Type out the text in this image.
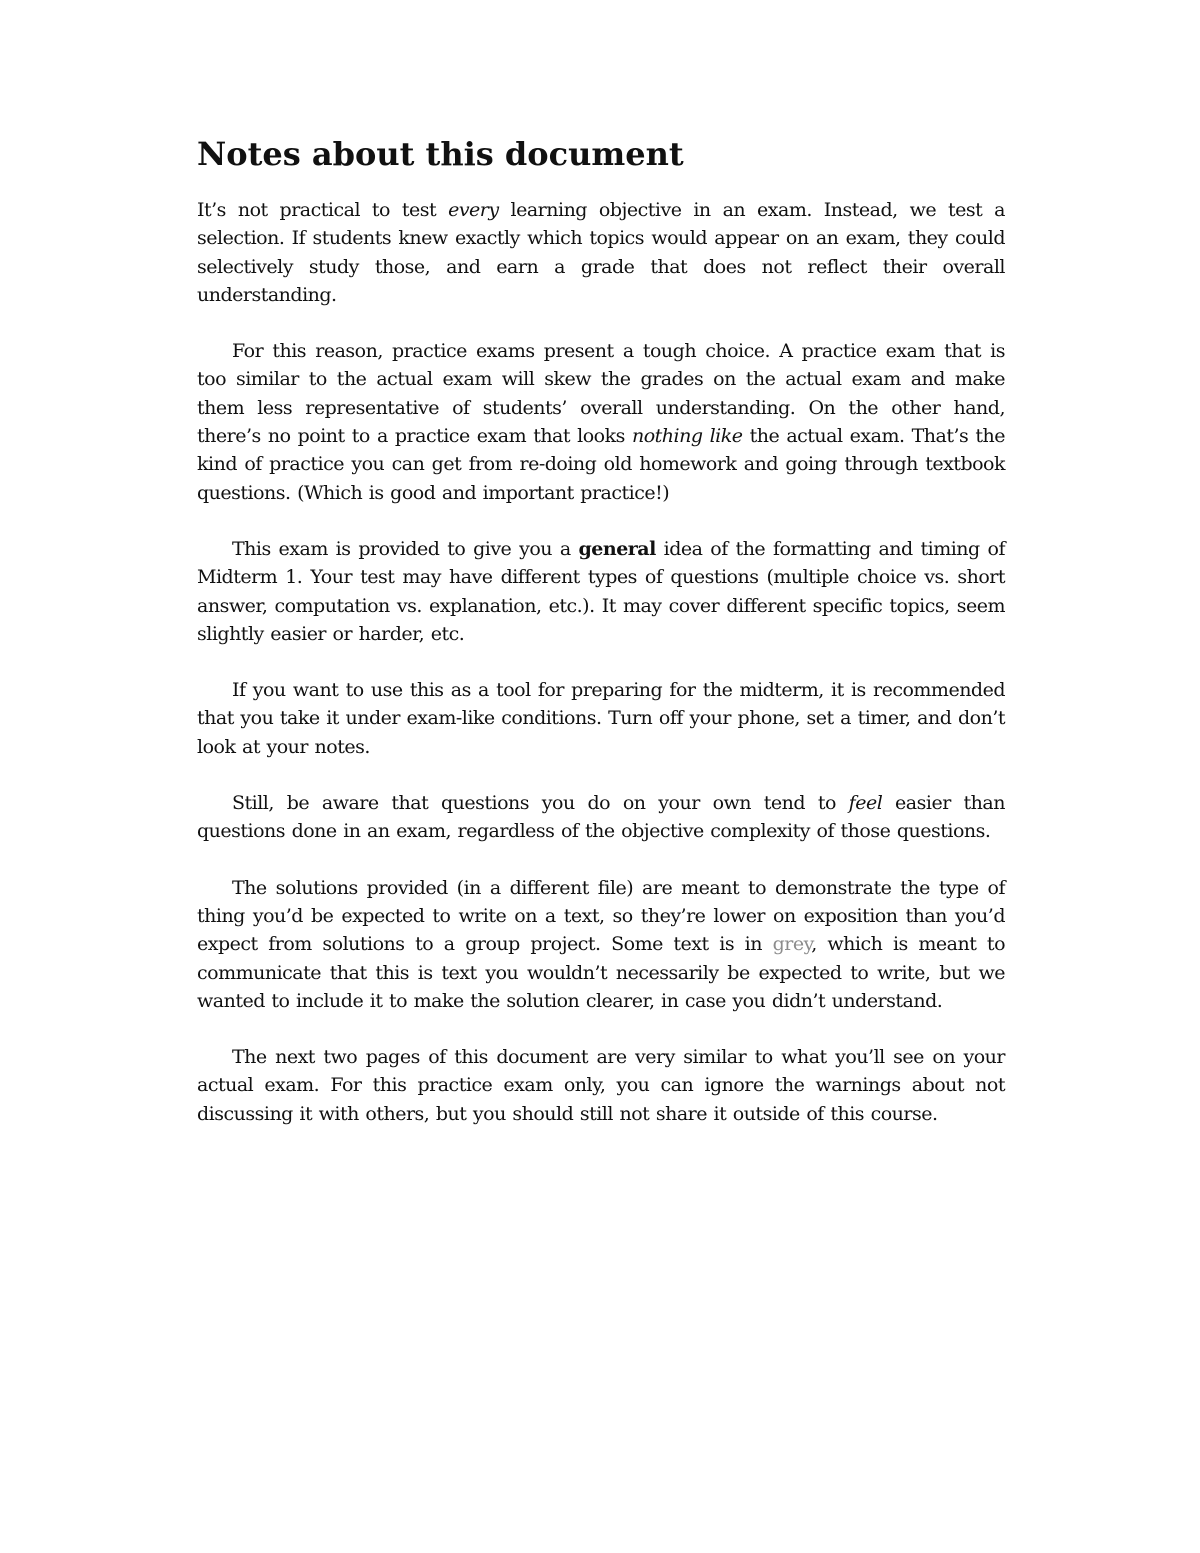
Notes about this document

It’s not practical to test every learning objective in an exam. Instead, we test a selection. If students knew exactly which topics would appear on an exam, they could selectively study those, and earn a grade that does not reflect their overall understanding.

For this reason, practice exams present a tough choice. A practice exam that is too similar to the actual exam will skew the grades on the actual exam and make them less representative of students’ overall understanding. On the other hand, there’s no point to a practice exam that looks nothing like the actual exam. That’s the kind of practice you can get from re-doing old homework and going through textbook questions. (Which is good and important practice!)

This exam is provided to give you a general idea of the formatting and timing of Midterm 1. Your test may have different types of questions (multiple choice vs. short answer, computation vs. explanation, etc.). It may cover different specific topics, seem slightly easier or harder, etc.

If you want to use this as a tool for preparing for the midterm, it is recommended that you take it under exam-like conditions. Turn off your phone, set a timer, and don’t look at your notes.

Still, be aware that questions you do on your own tend to feel easier than questions done in an exam, regardless of the objective complexity of those questions.

The solutions provided (in a different file) are meant to demonstrate the type of thing you’d be expected to write on a text, so they’re lower on exposition than you’d expect from solutions to a group project. Some text is in grey, which is meant to communicate that this is text you wouldn’t necessarily be expected to write, but we wanted to include it to make the solution clearer, in case you didn’t understand.

The next two pages of this document are very similar to what you’ll see on your actual exam. For this practice exam only, you can ignore the warnings about not discussing it with others, but you should still not share it outside of this course.
